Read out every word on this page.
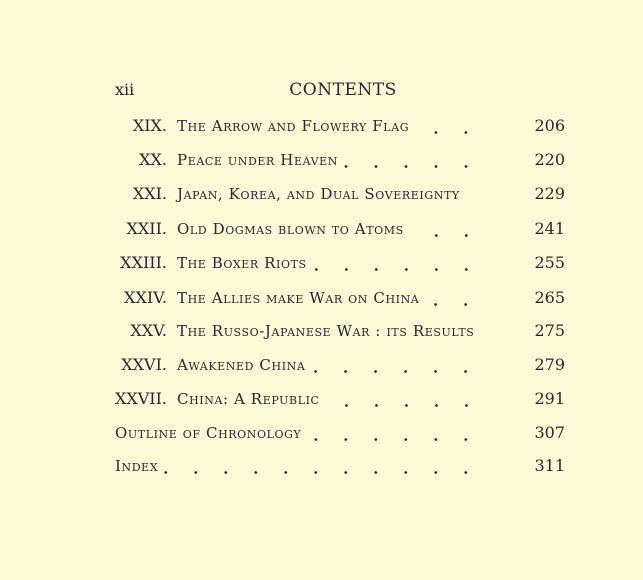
xii	CONTENTS
XIX. The Arrow and Flowery Flag	206
XX. Peace under Heaven	220
XXI. Japan, Korea, and Dual Sovereignty	229
XXII. Old Dogmas blown to Atoms	241
XXIII. The Boxer Riots	255
XXIV. The Allies make War on China	265
XXV. The Russo-Japanese War : its Results	275
XXVI. Awakened China	279
XXVII. China: A Republic	291
Outline of Chronology	307
Index	311
